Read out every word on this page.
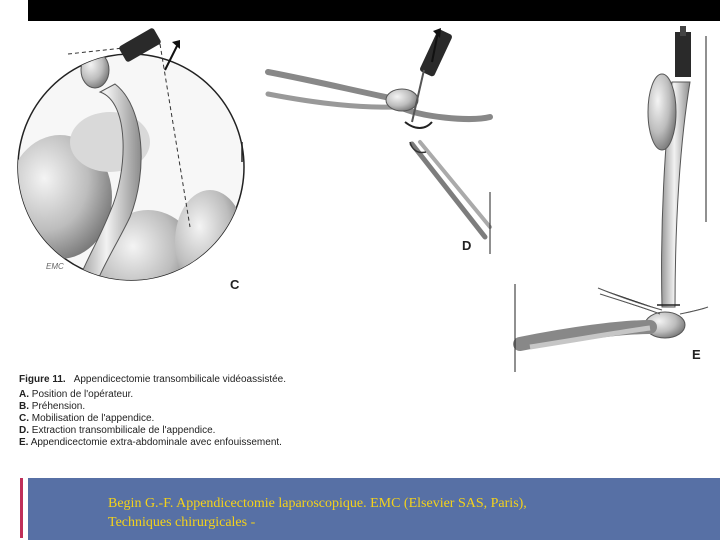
C
D
E
EMC
Figure 11. Appendicectomie transombilicale vidéoassistée.
A. Position de l'opérateur.
B. Préhension.
C. Mobilisation de l'appendice.
D. Extraction transombilicale de l'appendice.
E. Appendicectomie extra-abdominale avec enfouissement.
Begin G.-F. Appendicectomie laparoscopique. EMC (Elsevier SAS, Paris),
Techniques chirurgicales -
